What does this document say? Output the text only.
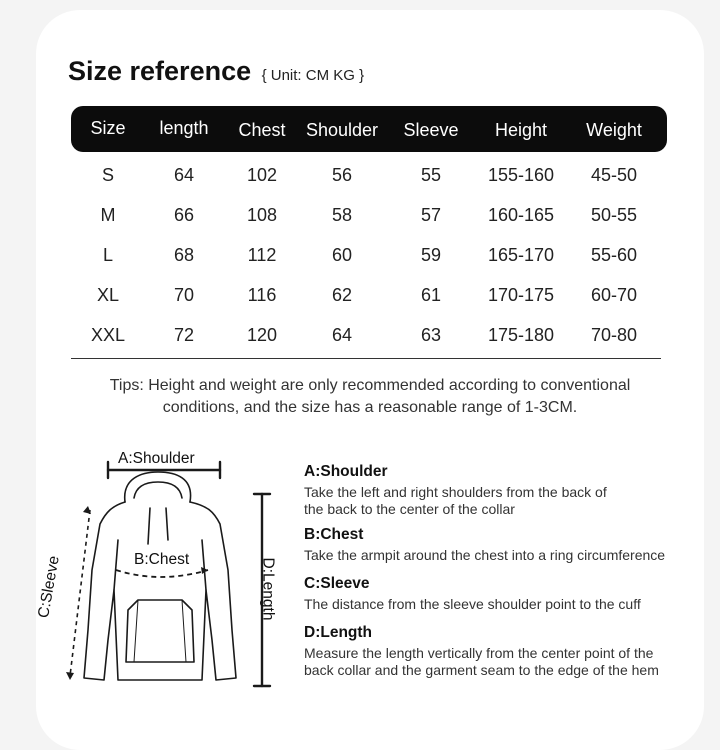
Size reference { Unit: CM KG }
Size length Chest Shoulder Sleeve Height Weight
S	64	102	56	55	155-160 45-50
M	66	108	58	57	160-165 50-55
L	68	112	60	59	165-170 55-60
XL	70	116	62	61	170-175 60-70
XXL	72	120	64	63	175-180 70-80
Tips: Height and weight are only recommended according to conventional
conditions, and the size has a reasonable range of 1-3CM.
A:Shoulder
B:Chest
C:Sleeve	D:Length
A:Shoulder
Take the left and right shoulders from the back of
the back to the center of the collar
B:Chest
Take the armpit around the chest into a ring circumference
C:Sleeve
The distance from the sleeve shoulder point to the cuff
D:Length
Measure the length vertically from the center point of the
back collar and the garment seam to the edge of the hem
